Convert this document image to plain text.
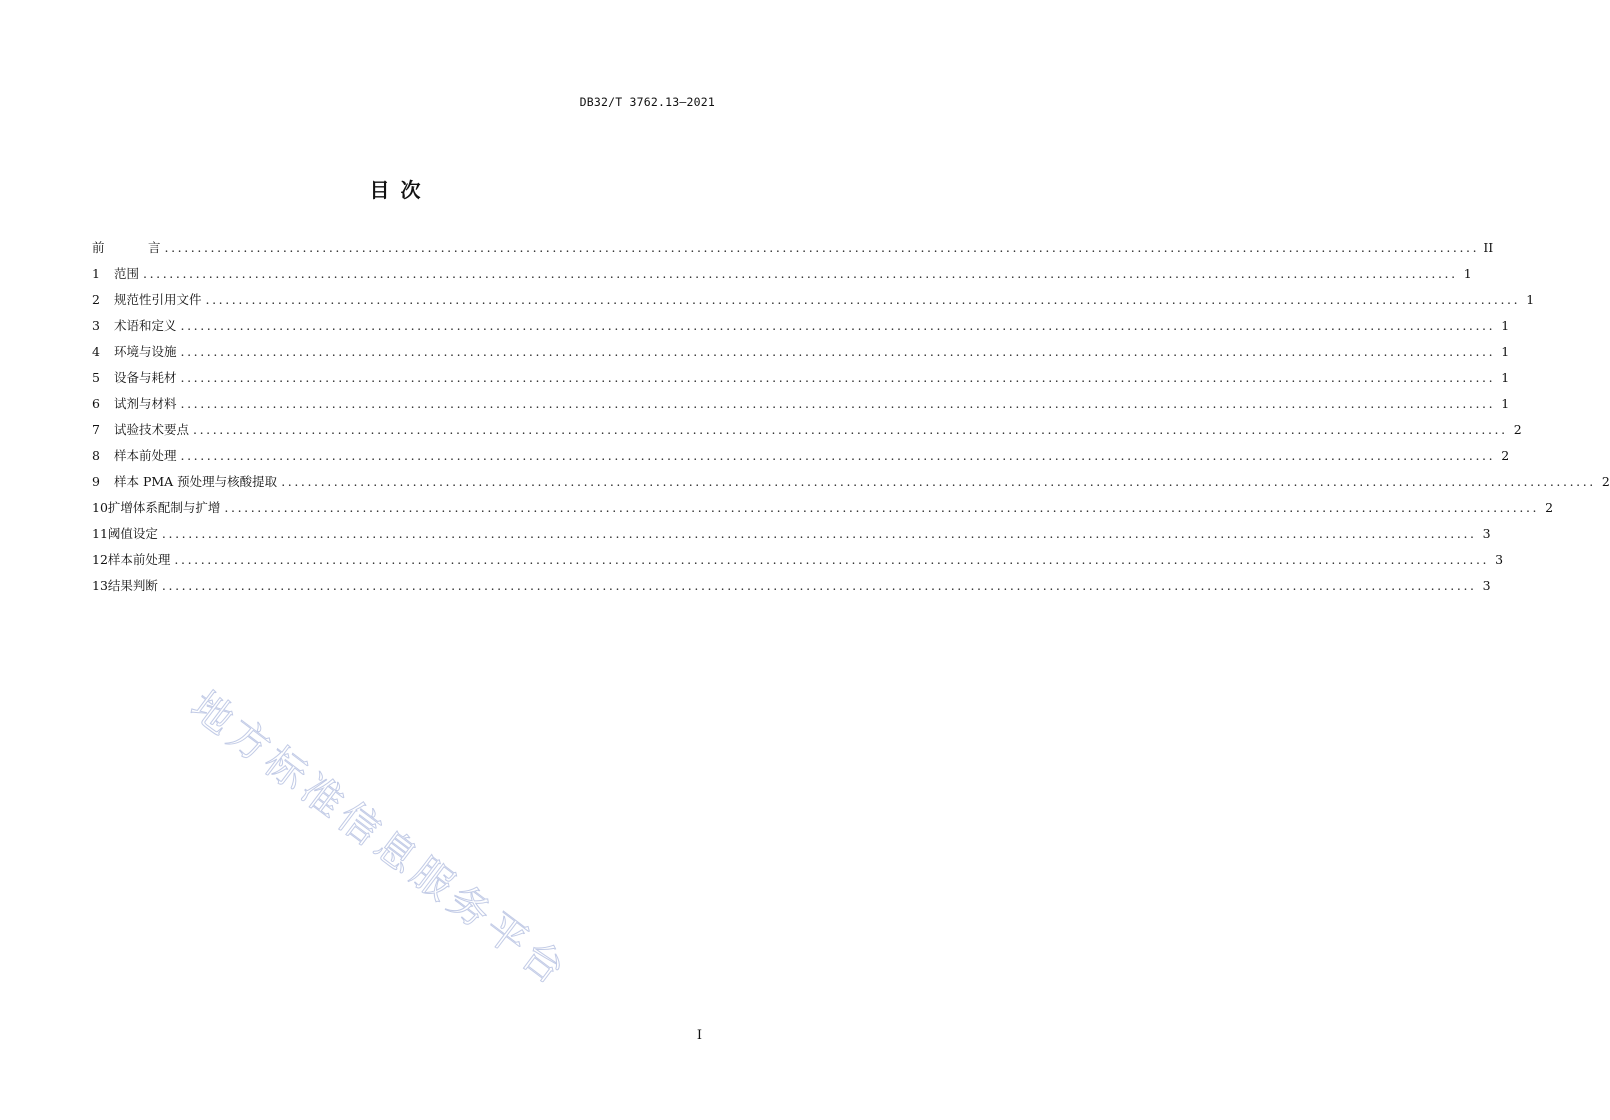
DB32/T 3762.13—2021
目 次
前	言 ........................................................................................................................................................................................................ II
1	范围 ........................................................................................................................................................................................................ 1
2	规范性引用文件 ........................................................................................................................................................................................................ 1
3	术语和定义 ........................................................................................................................................................................................................ 1
4	环境与设施 ........................................................................................................................................................................................................ 1
5	设备与耗材 ........................................................................................................................................................................................................ 1
6	试剂与材料 ........................................................................................................................................................................................................ 1
7	试验技术要点 ........................................................................................................................................................................................................ 2
8	样本前处理 ........................................................................................................................................................................................................ 2
9	样本 PMA 预处理与核酸提取 ........................................................................................................................................................................................................ 2
10 扩增体系配制与扩增 ........................................................................................................................................................................................................ 2
11 阈值设定 ........................................................................................................................................................................................................ 3
12 样本前处理 ........................................................................................................................................................................................................ 3
13 结果判断 ........................................................................................................................................................................................................ 3
I
地方标准信息服务平台
